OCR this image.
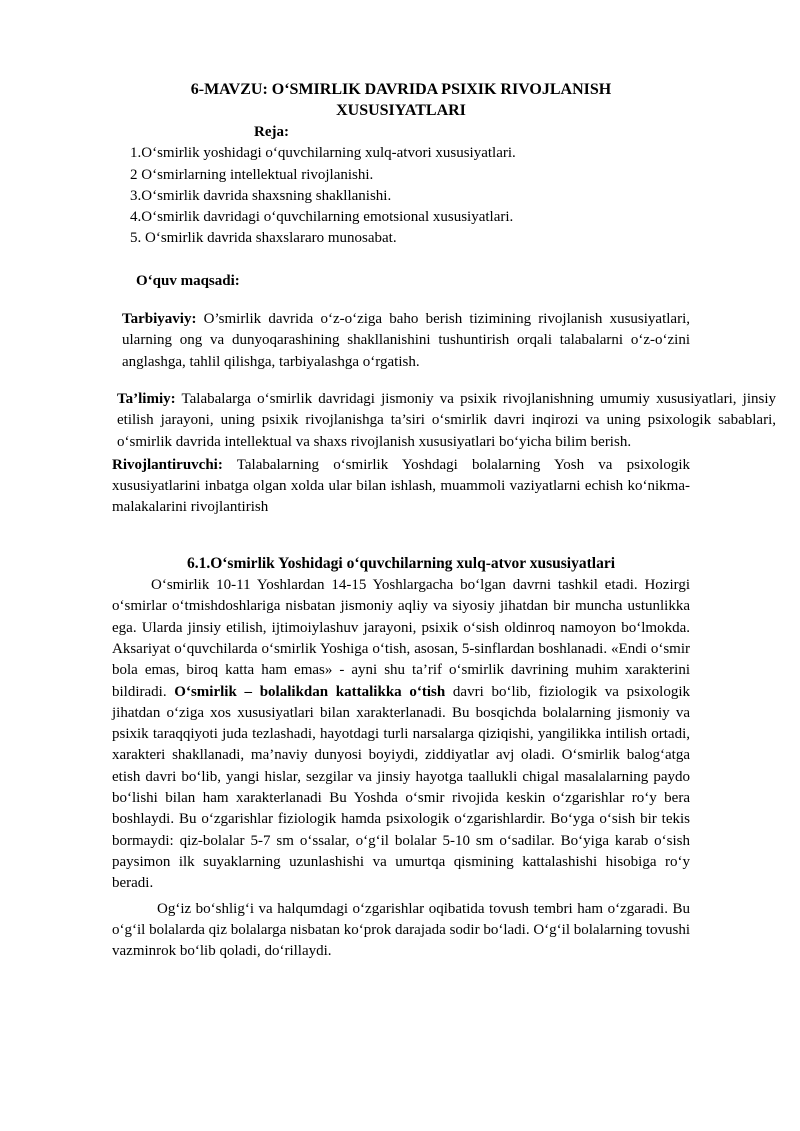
6-MAVZU: O‘SMIRLIK DAVRIDA PSIXIK RIVOJLANISH
XUSUSIYATLARI
Reja:
1.O‘smirlik yoshidagi o‘quvchilarning xulq-atvori xususiyatlari.
2 O‘smirlarning intellektual rivojlanishi.
3.O‘smirlik davrida shaxsning shakllanishi.
4.O‘smirlik davridagi o‘quvchilarning emotsional xususiyatlari.
5. O‘smirlik davrida shaxslararo munosabat.
O‘quv maqsadi:

Tarbiyaviy: O’smirlik davrida o‘z-o‘ziga baho berish tizimining rivojlanish xususiyatlari, ularning ong va dunyoqarashining shakllanishini tushuntirish orqali talabalarni o‘z-o‘zini anglashga, tahlil qilishga, tarbiyalashga o‘rgatish.

Ta’limiy: Talabalarga o‘smirlik davridagi jismoniy va psixik rivojlanishning umumiy xususiyatlari, jinsiy etilish jarayoni, uning psixik rivojlanishga ta’siri o‘smirlik davri inqirozi va uning psixologik sabablari, o‘smirlik davrida intellektual va shaxs rivojlanish xususiyatlari bo‘yicha bilim berish.

Rivojlantiruvchi: Talabalarning o‘smirlik Yoshdagi bolalarning Yosh va psixologik xususiyatlarini inbatga olgan xolda ular bilan ishlash, muammoli vaziyatlarni echish ko‘nikma-malakalarini rivojlantirish

6.1.O‘smirlik Yoshidagi o‘quvchilarning xulq-atvor xususiyatlari

O‘smirlik 10-11 Yoshlardan 14-15 Yoshlargacha bo‘lgan davrni tashkil etadi. Hozirgi o‘smirlar o‘tmishdoshlariga nisbatan jismoniy aqliy va siyosiy jihatdan bir muncha ustunlikka ega. Ularda jinsiy etilish, ijtimoiylashuv jarayoni, psixik o‘sish oldinroq namoyon bo‘lmokda. Aksariyat o‘quvchilarda o‘smirlik Yoshiga o‘tish, asosan, 5-sinflardan boshlanadi. «Endi o‘smir bola emas, biroq katta ham emas» - ayni shu ta’rif o‘smirlik davrining muhim xarakterini bildiradi. O‘smirlik – bolalikdan kattalikka o‘tish davri bo‘lib, fiziologik va psixologik jihatdan o‘ziga xos xususiyatlari bilan xarakterlanadi. Bu bosqichda bolalarning jismoniy va psixik taraqqiyoti juda tezlashadi, hayotdagi turli narsalarga qiziqishi, yangilikka intilish ortadi, xarakteri shakllanadi, ma’naviy dunyosi boyiydi, ziddiyatlar avj oladi. O‘smirlik balog‘atga etish davri bo‘lib, yangi hislar, sezgilar va jinsiy hayotga taallukli chigal masalalarning paydo bo‘lishi bilan ham xarakterlanadi Bu Yoshda o‘smir rivojida keskin o‘zgarishlar ro‘y bera boshlaydi. Bu o‘zgarishlar fiziologik hamda psixologik o‘zgarishlardir. Bo‘yga o‘sish bir tekis bormaydi: qiz-bolalar 5-7 sm o‘ssalar, o‘g‘il bolalar 5-10 sm o‘sadilar. Bo‘yiga karab o‘sish paysimon ilk suyaklarning uzunlashishi va umurtqa qismining kattalashishi hisobiga ro‘y beradi.

Og‘iz bo‘shlig‘i va halqumdagi o‘zgarishlar oqibatida tovush tembri ham o‘zgaradi. Bu o‘g‘il bolalarda qiz bolalarga nisbatan ko‘prok darajada sodir bo‘ladi. O‘g‘il bolalarning tovushi vazminrok bo‘lib qoladi, do‘rillaydi.
